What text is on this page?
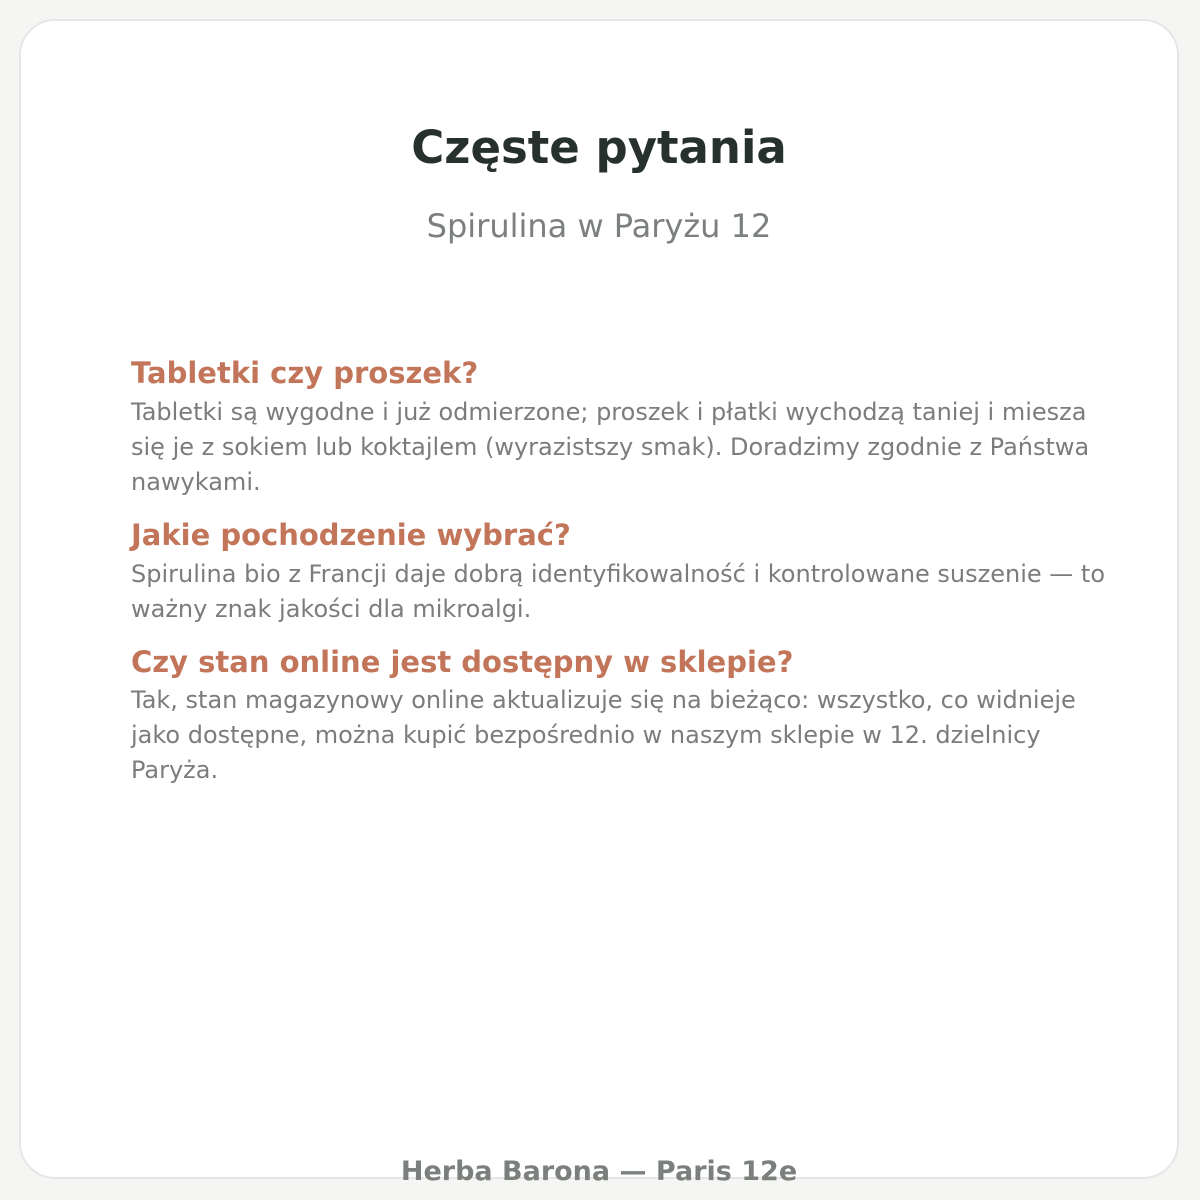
Częste pytania
Spirulina w Paryżu 12
Tabletki czy proszek?

Tabletki są wygodne i już odmierzone; proszek i płatki wychodzą taniej i miesza się je z sokiem lub koktajlem (wyrazistszy smak). Doradzimy zgodnie z Państwa nawykami.

Jakie pochodzenie wybrać?

Spirulina bio z Francji daje dobrą identyfikowalność i kontrolowane suszenie — to ważny znak jakości dla mikroalgi.

Czy stan online jest dostępny w sklepie?

Tak, stan magazynowy online aktualizuje się na bieżąco: wszystko, co widnieje jako dostępne, można kupić bezpośrednio w naszym sklepie w 12. dzielnicy Paryża.

Herba Barona — Paris 12e
